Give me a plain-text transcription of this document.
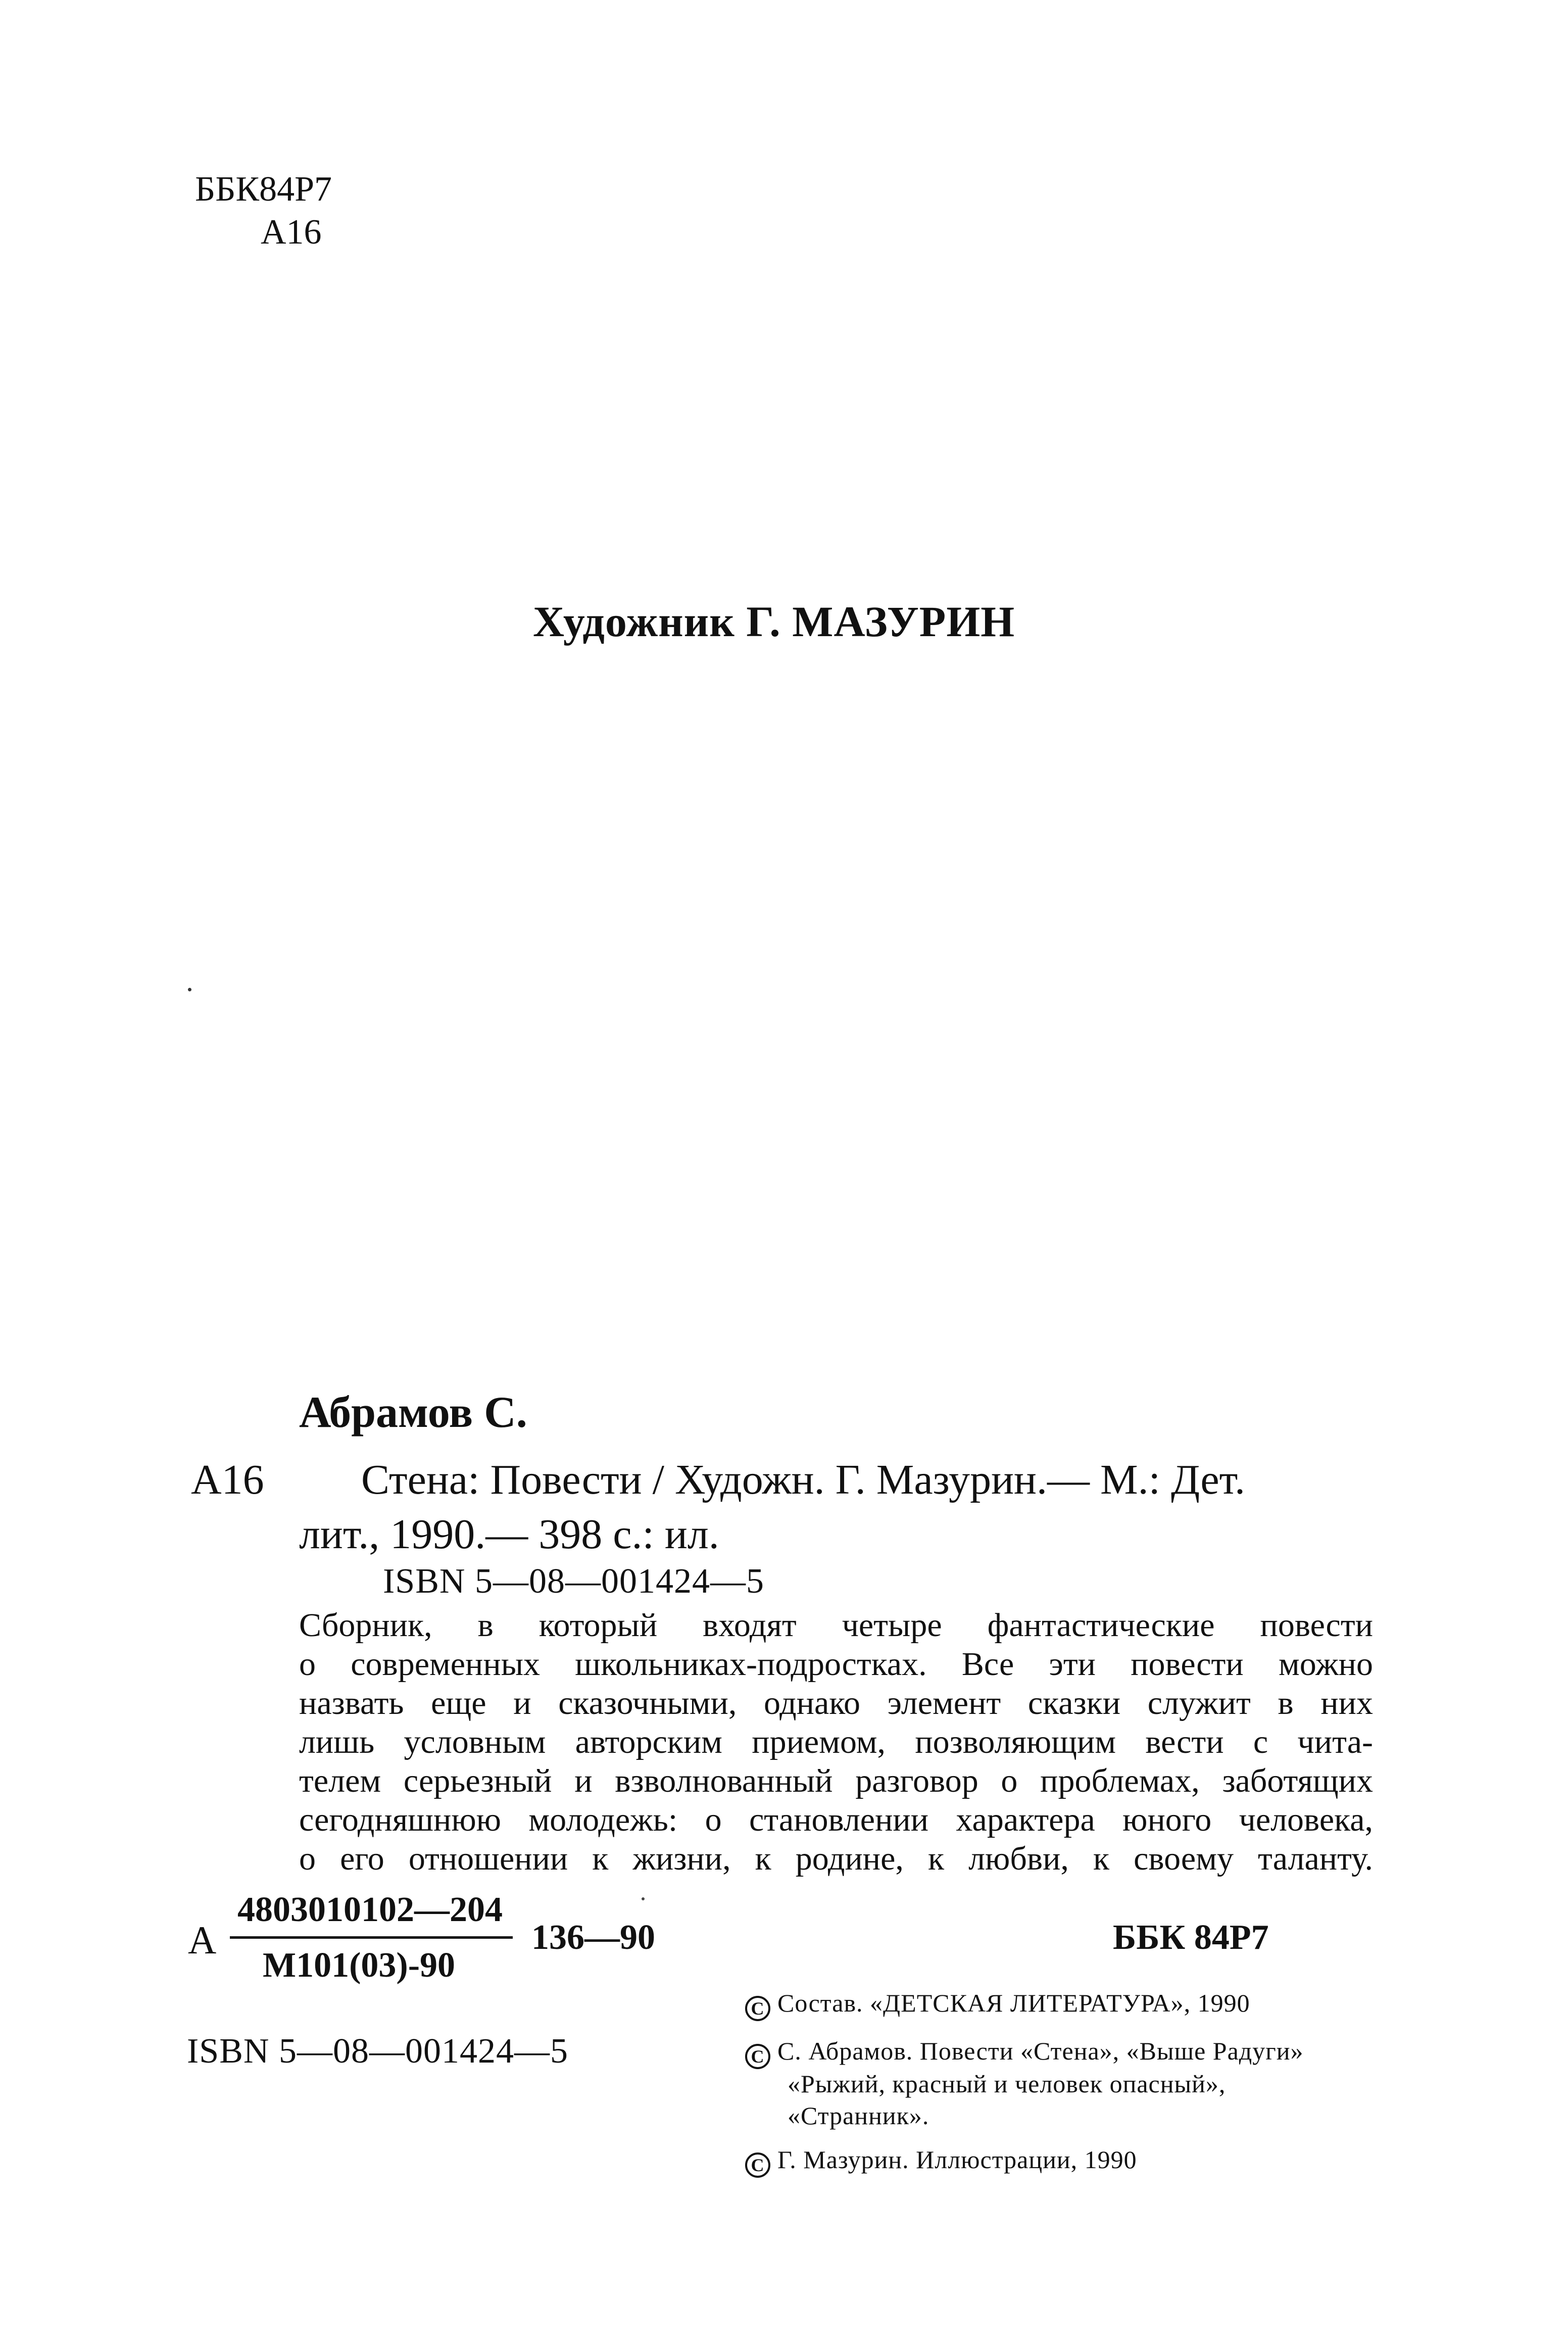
ББК84Р7
А16
Художник Г. МАЗУРИН
Абрамов С.
А16 Стена: Повести / Художн. Г. Мазурин.— М.: Дет.
лит., 1990.— 398 с.: ил.
ISBN 5—08—001424—5
Сборник, в который входят четыре фантастические повести
о современных школьниках-подростках. Все эти повести можно
назвать еще и сказочными, однако элемент сказки служит в них
лишь условным авторским приемом, позволяющим вести с чита-
телем серьезный и взволнованный разговор о проблемах, заботящих
сегодняшнюю молодежь: о становлении характера юного человека,
о его отношении к жизни, к родине, к любви, к своему таланту.
А
4803010102—204
М101(03)-90
136—90	ББК 84Р7
ISBN 5—08—001424—5
C Состав. «ДЕТСКАЯ ЛИТЕРАТУРА», 1990
C С. Абрамов. Повести «Стена», «Выше Радуги»
«Рыжий, красный и человек опасный»,
«Странник».
C Г. Мазурин. Иллюстрации, 1990
